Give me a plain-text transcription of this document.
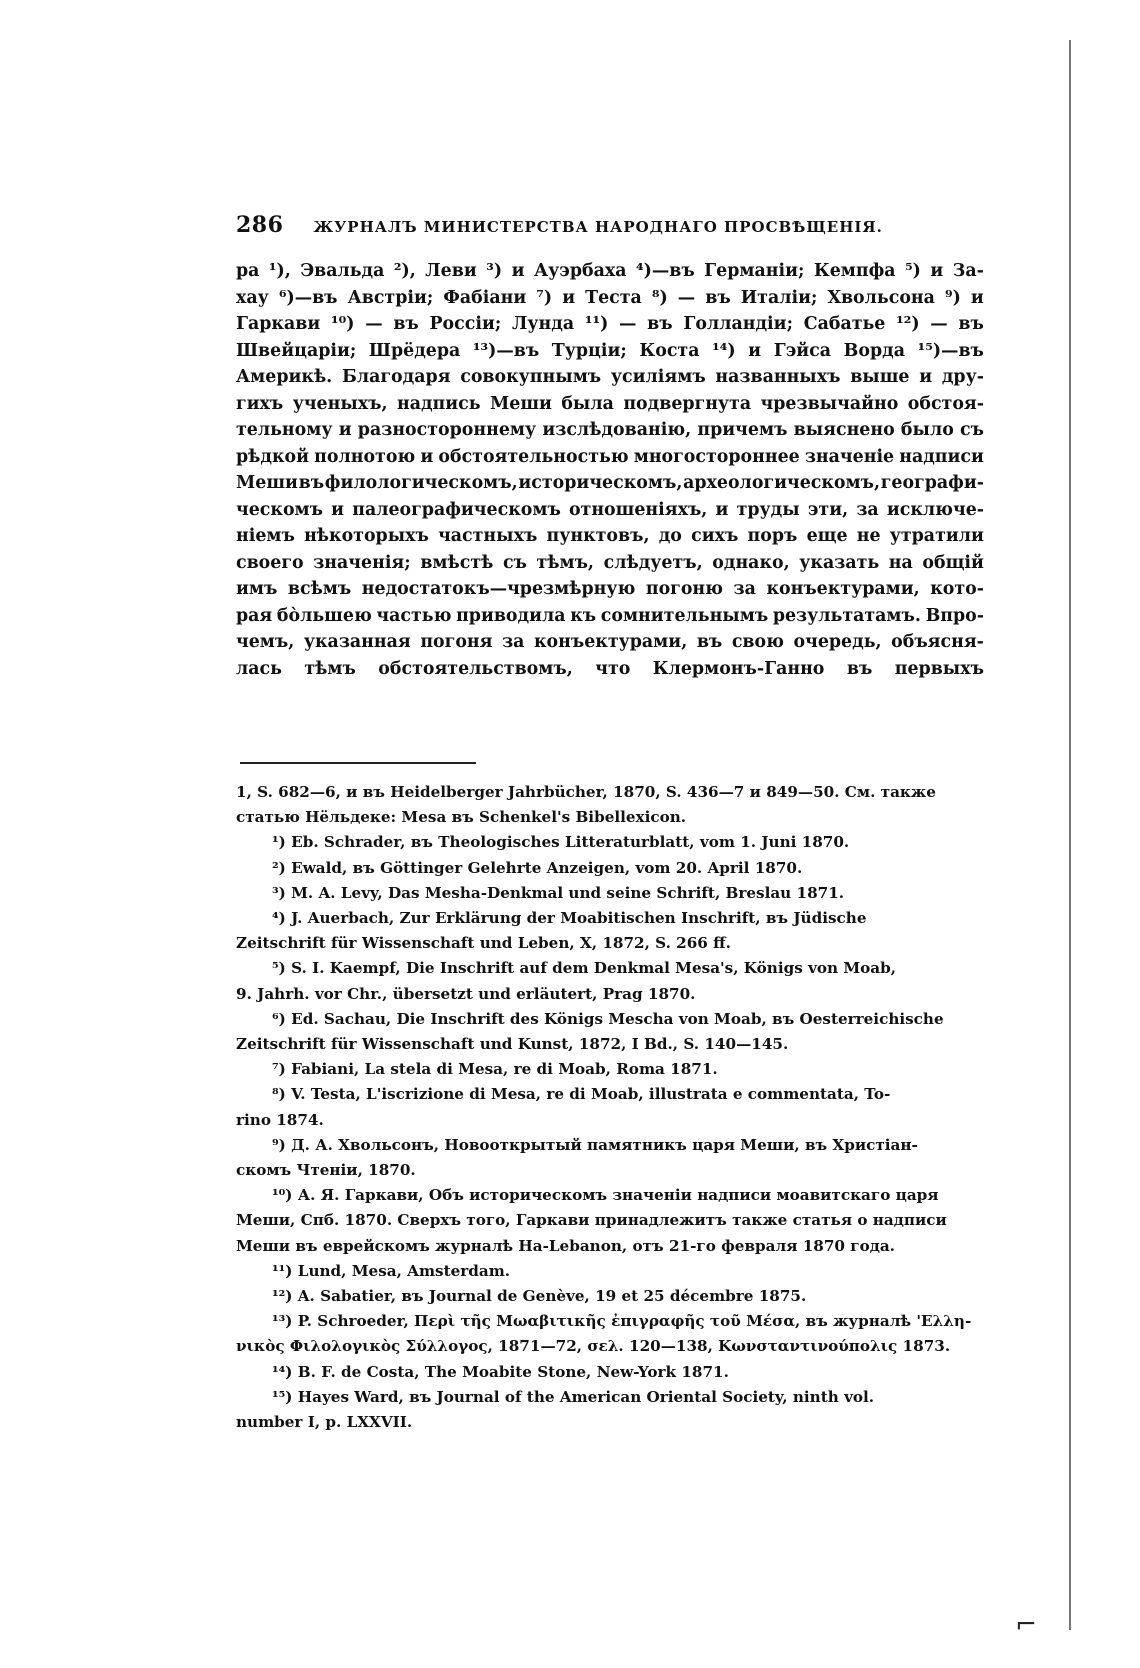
286 ЖУРНАЛЪ МИНИСТЕРСТВА НАРОДНАГО ПРОСВѢЩЕНІЯ.
ра ¹), Эвальда ²), Леви ³) и Ауэрбаха ⁴)—въ Германіи; Кемпфа ⁵) и За-
хау ⁶)—въ Австріи; Фабіани ⁷) и Теста ⁸) — въ Италіи; Хвольсона ⁹) и
Гаркави ¹⁰) — въ Россіи; Лунда ¹¹) — въ Голландіи; Сабатье ¹²) — въ
Швейцаріи; Шрёдера ¹³)—въ Турціи; Коста ¹⁴) и Гэйса Ворда ¹⁵)—въ
Америкѣ. Благодаря совокупнымъ усиліямъ названныхъ выше и дру-
гихъ ученыхъ, надпись Меши была подвергнута чрезвычайно обстоя-
тельному и разностороннему изслѣдованію, причемъ выяснено было съ
рѣдкой полнотою и обстоятельностью многостороннее значеніе надписи
Меши въ филологическомъ, историческомъ, археологическомъ, географи-
ческомъ и палеографическомъ отношеніяхъ, и труды эти, за исключе-
ніемъ нѣкоторыхъ частныхъ пунктовъ, до сихъ поръ еще не утратили
своего значенія; вмѣстѣ съ тѣмъ, слѣдуетъ, однако, указать на общій
имъ всѣмъ недостатокъ—чрезмѣрную погоню за конъектурами, кото-
рая бо̀льшею частью приводила къ сомнительнымъ результатамъ. Впро-
чемъ, указанная погоня за конъектурами, въ свою очередь, объясня-
лась тѣмъ обстоятельствомъ, что Клермонъ-Ганно въ первыхъ
1, S. 682—6, и въ Heidelberger Jahrbücher, 1870, S. 436—7 и 849—50. См. также
статью Нёльдеке: Mesa въ Schenkel's Bibellexicon.
¹) Eb. Schrader, въ Theologisches Litteraturblatt, vom 1. Juni 1870.
²) Ewald, въ Göttinger Gelehrte Anzeigen, vom 20. April 1870.
³) M. A. Levy, Das Mesha-Denkmal und seine Schrift, Breslau 1871.
⁴) J. Auerbach, Zur Erklärung der Moabitischen Inschrift, въ Jüdische
Zeitschrift für Wissenschaft und Leben, X, 1872, S. 266 ff.
⁵) S. I. Kaempf, Die Inschrift auf dem Denkmal Mesa's, Königs von Moab,
9. Jahrh. vor Chr., übersetzt und erläutert, Prag 1870.
⁶) Ed. Sachau, Die Inschrift des Königs Mescha von Moab, въ Oesterreichische
Zeitschrift für Wissenschaft und Kunst, 1872, I Bd., S. 140—145.
⁷) Fabiani, La stela di Mesa, re di Moab, Roma 1871.
⁸) V. Testa, L'iscrizione di Mesa, re di Moab, illustrata e commentata, To-
rino 1874.
⁹) Д. А. Хвольсонъ, Новооткрытый памятникъ царя Меши, въ Христіан-
скомъ Чтеніи, 1870.
¹⁰) А. Я. Гаркави, Объ историческомъ значеніи надписи моавитскаго царя
Меши, Спб. 1870. Сверхъ того, Гаркави принадлежитъ также статья о надписи
Меши въ еврейскомъ журналѣ Ha-Lebanon, отъ 21-го февраля 1870 года.
¹¹) Lund, Mesa, Amsterdam.
¹²) A. Sabatier, въ Journal de Genève, 19 et 25 décembre 1875.
¹³) P. Schroeder, Περὶ τῆς Μωαβιτικῆς ἐπιγραφῆς τοῦ Μέσα, въ журналѣ 'Ελλη-
νικὸς Φιλολογικὸς Σύλλογος, 1871—72, σελ. 120—138, Κωνσταντινούπολις 1873.
¹⁴) B. F. de Costa, The Moabite Stone, New-York 1871.
¹⁵) Hayes Ward, въ Journal of the American Oriental Society, ninth vol.
number I, p. LXXVII.
⌐
